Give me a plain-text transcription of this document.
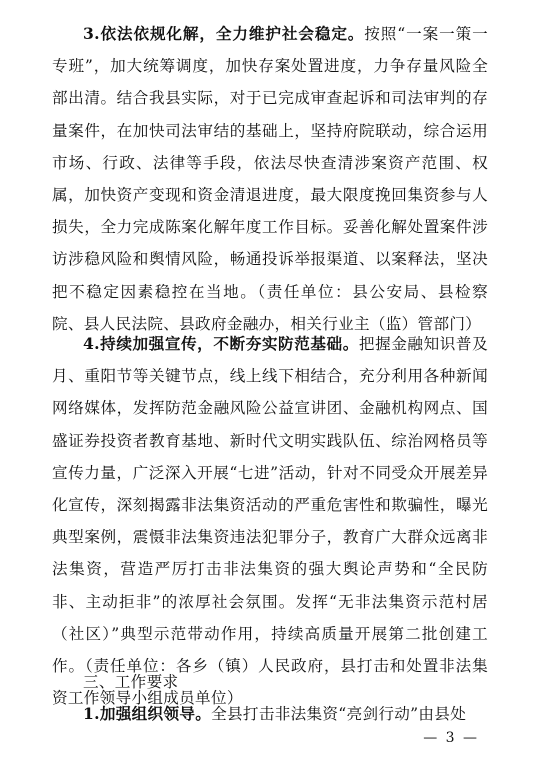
3.依法依规化解，全力维护社会稳定。按照“一案一策一专班”，加大统筹调度，加快存案处置进度，力争存量风险全部出清。结合我县实际，对于已完成审查起诉和司法审判的存量案件，在加快司法审结的基础上，坚持府院联动，综合运用市场、行政、法律等手段，依法尽快查清涉案资产范围、权属，加快资产变现和资金清退进度，最大限度挽回集资参与人损失，全力完成陈案化解年度工作目标。妥善化解处置案件涉访涉稳风险和舆情风险，畅通投诉举报渠道、以案释法，坚决把不稳定因素稳控在当地。（责任单位：县公安局、县检察院、县人民法院、县政府金融办，相关行业主（监）管部门）

4.持续加强宣传，不断夯实防范基础。把握金融知识普及月、重阳节等关键节点，线上线下相结合，充分利用各种新闻网络媒体，发挥防范金融风险公益宣讲团、金融机构网点、国盛证券投资者教育基地、新时代文明实践队伍、综治网格员等宣传力量，广泛深入开展“七进”活动，针对不同受众开展差异化宣传，深刻揭露非法集资活动的严重危害性和欺骗性，曝光典型案例，震慑非法集资违法犯罪分子，教育广大群众远离非法集资，营造严厉打击非法集资的强大舆论声势和“全民防非、主动拒非”的浓厚社会氛围。发挥“无非法集资示范村居（社区）”典型示范带动作用，持续高质量开展第二批创建工作。（责任单位：各乡（镇）人民政府，县打击和处置非法集资工作领导小组成员单位）

三、工作要求

1.加强组织领导。全县打击非法集资“亮剑行动”由县处

— 3 —
